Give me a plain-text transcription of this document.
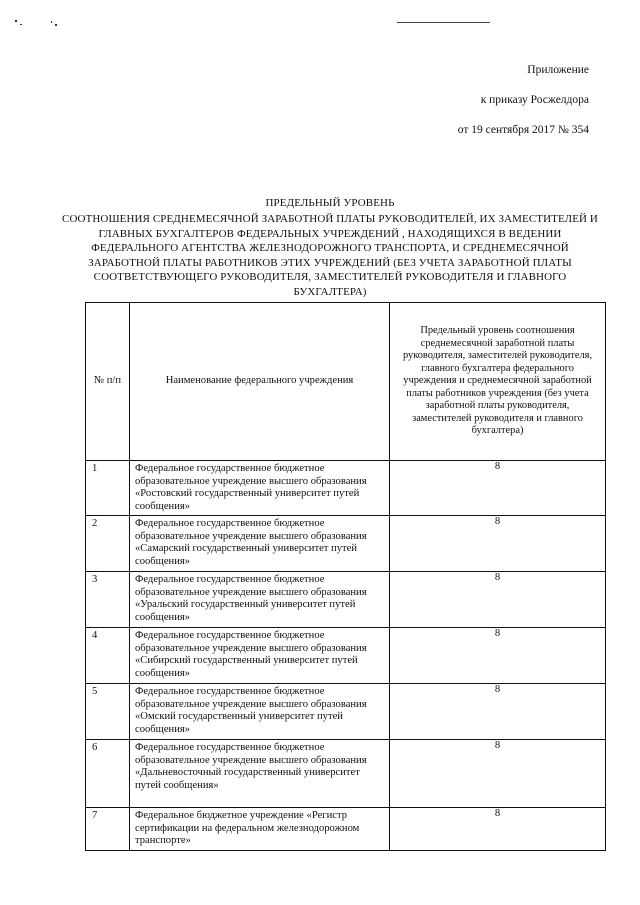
Приложение
к приказу Росжелдора
от 19 сентября 2017 № 354
ПРЕДЕЛЬНЫЙ УРОВЕНЬ
СООТНОШЕНИЯ СРЕДНЕМЕСЯЧНОЙ ЗАРАБОТНОЙ ПЛАТЫ РУКОВОДИТЕЛЕЙ, ИХ ЗАМЕСТИТЕЛЕЙ И ГЛАВНЫХ БУХГАЛТЕРОВ ФЕДЕРАЛЬНЫХ УЧРЕЖДЕНИЙ , НАХОДЯЩИХСЯ В ВЕДЕНИИ ФЕДЕРАЛЬНОГО АГЕНТСТВА ЖЕЛЕЗНОДОРОЖНОГО ТРАНСПОРТА, И СРЕДНЕМЕСЯЧНОЙ ЗАРАБОТНОЙ ПЛАТЫ РАБОТНИКОВ ЭТИХ УЧРЕЖДЕНИЙ (БЕЗ УЧЕТА ЗАРАБОТНОЙ ПЛАТЫ СООТВЕТСТВУЮЩЕГО РУКОВОДИТЕЛЯ, ЗАМЕСТИТЕЛЕЙ РУКОВОДИТЕЛЯ И ГЛАВНОГО БУХГАЛТЕРА)
№ п/п	Наименование федерального учреждения	Предельный уровень соотношения среднемесячной заработной платы руководителя, заместителей руководителя, главного бухгалтера федерального учреждения и среднемесячной заработной платы работников учреждения (без учета заработной платы руководителя, заместителей руководителя и главного бухгалтера)
1	Федеральное государственное бюджетное образовательное учреждение высшего образования «Ростовский государственный университет путей сообщения»	8
2	Федеральное государственное бюджетное образовательное учреждение высшего образования «Самарский государственный университет путей сообщения»	8
3	Федеральное государственное бюджетное образовательное учреждение высшего образования «Уральский государственный университет путей сообщения»	8
4	Федеральное государственное бюджетное образовательное учреждение высшего образования «Сибирский государственный университет путей сообщения»	8
5	Федеральное государственное бюджетное образовательное учреждение высшего образования «Омский государственный университет путей сообщения»	8
6	Федеральное государственное бюджетное образовательное учреждение высшего образования «Дальневосточный государственный университет путей сообщения»	8
7	Федеральное бюджетное учреждение «Регистр сертификации на федеральном железнодорожном транспорте»	8
